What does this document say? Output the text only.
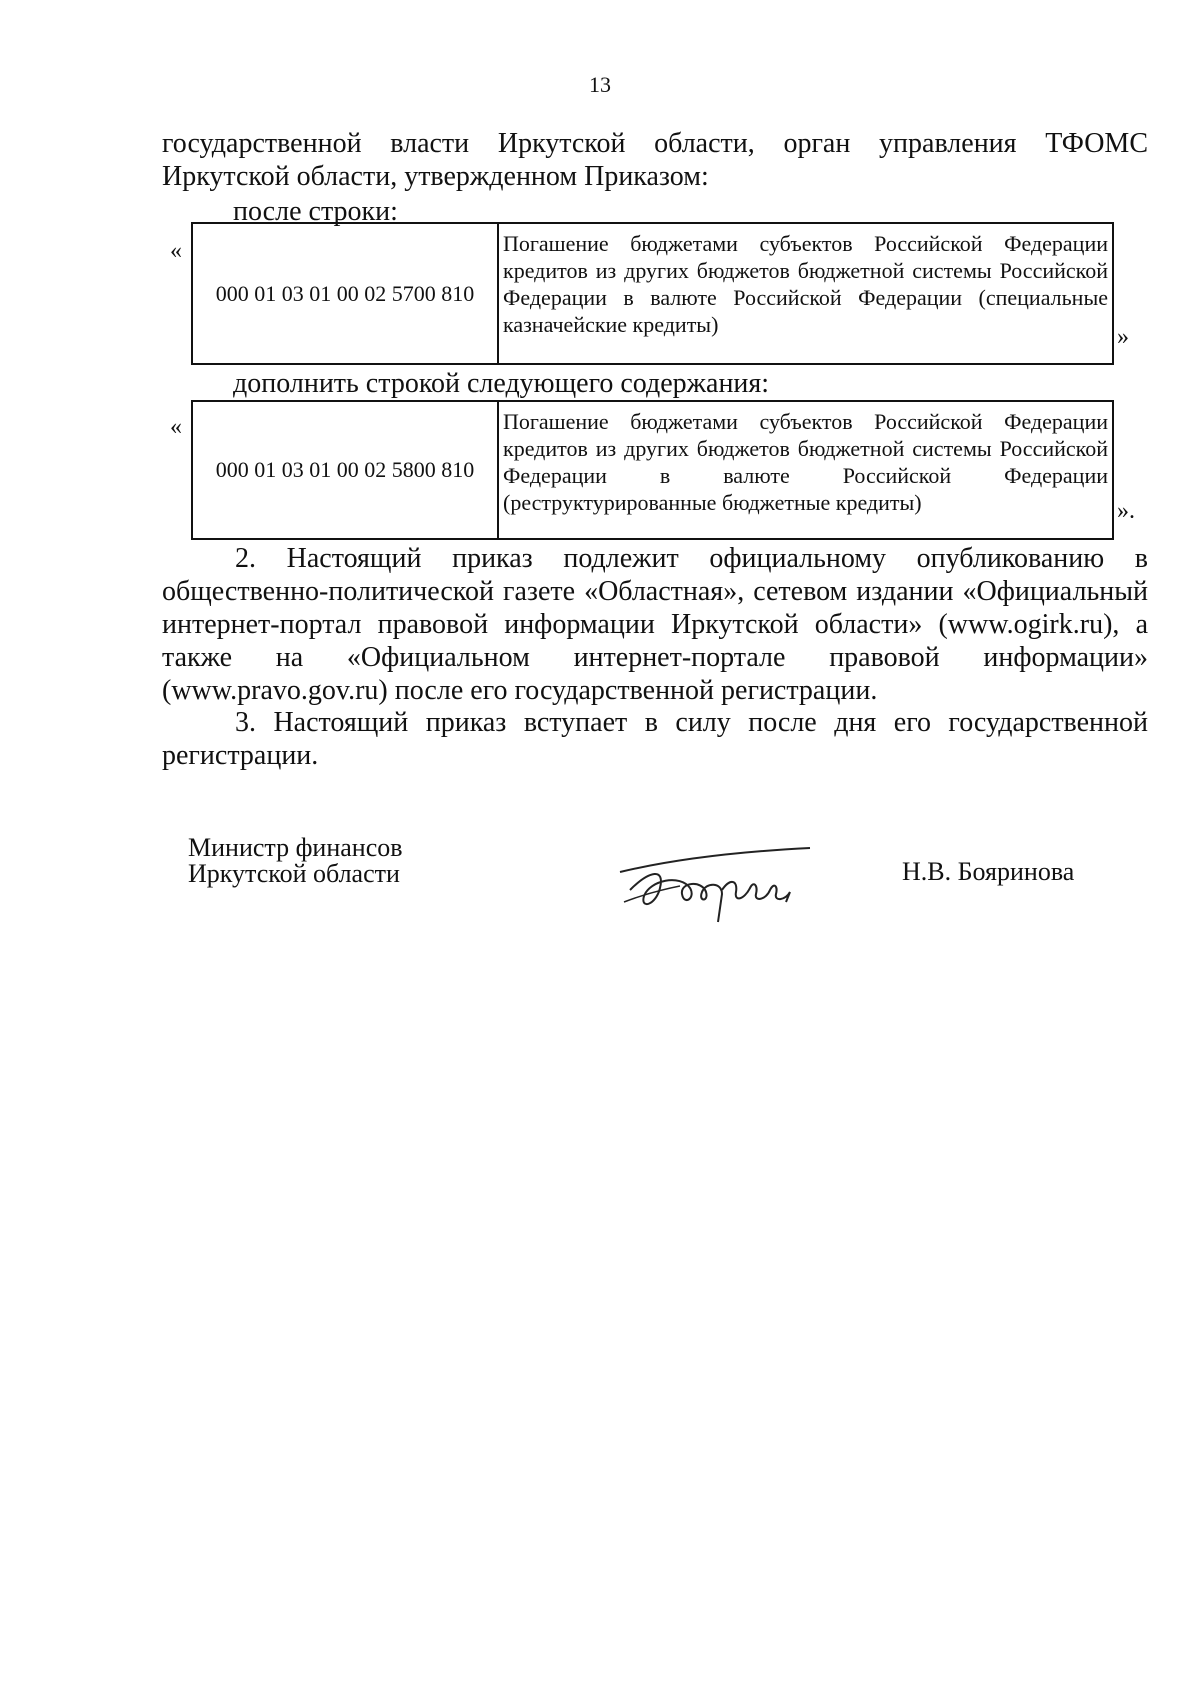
13
государственной власти Иркутской области, орган управления ТФОМС Иркутской области, утвержденном Приказом:
после строки:
«
000 01 03 01 00 02 5700 810	Погашение бюджетами субъектов Российской Федерации кредитов из других бюджетов бюджетной системы Российской Федерации в валюте Российской Федерации (специальные казначейские кредиты)	»
дополнить строкой следующего содержания:
«
000 01 03 01 00 02 5800 810	Погашение бюджетами субъектов Российской Федерации кредитов из других бюджетов бюджетной системы Российской Федерации в валюте Российской Федерации (реструктурированные бюджетные кредиты)	».
2. Настоящий приказ подлежит официальному опубликованию в общественно-политической газете «Областная», сетевом издании «Официальный интернет-портал правовой информации Иркутской области» (www.ogirk.ru), а также на «Официальном интернет-портале правовой информации» (www.pravo.gov.ru) после его государственной регистрации.
3. Настоящий приказ вступает в силу после дня его государственной регистрации.
Министр финансов
Иркутской области	Н.В. Бояринова
